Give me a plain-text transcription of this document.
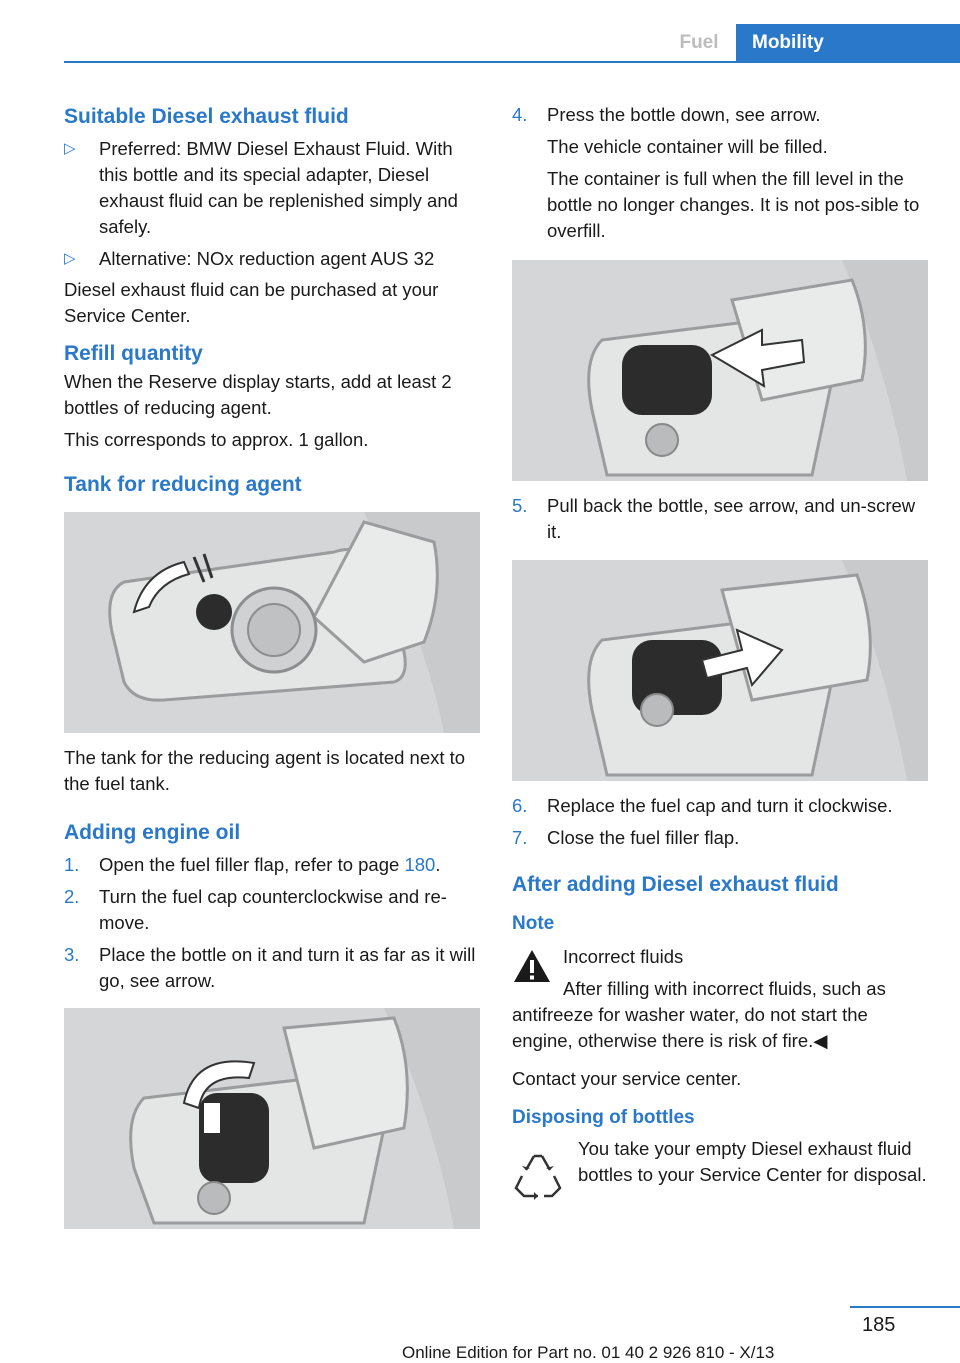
Fuel	Mobility
Suitable Diesel exhaust fluid
▷ Preferred: BMW Diesel Exhaust Fluid. With this bottle and its special adapter, Diesel exhaust fluid can be replenished simply and safely.
▷ Alternative: NOx reduction agent AUS 32

Diesel exhaust fluid can be purchased at your Service Center.

Refill quantity

When the Reserve display starts, add at least 2 bottles of reducing agent.

This corresponds to approx. 1 gallon.

Tank for reducing agent

The tank for the reducing agent is located next to the fuel tank.

Adding engine oil
1. Open the fuel filler flap, refer to page 180.
2. Turn the fuel cap counterclockwise and re‐move.
3. Place the bottle on it and turn it as far as it will go, see arrow.
4. Press the bottle down, see arrow.

The vehicle container will be filled.

The container is full when the fill level in the bottle no longer changes. It is not pos‐sible to overfill.

5. Pull back the bottle, see arrow, and un‐screw it.
6. Replace the fuel cap and turn it clockwise.
7. Close the fuel filler flap.
After adding Diesel exhaust fluid
Note

Incorrect fluids

After filling with incorrect fluids, such as antifreeze for washer water, do not start the engine, otherwise there is risk of fire.◀

Contact your service center.

Disposing of bottles

You take your empty Diesel exhaust fluid bottles to your Service Center for disposal.

185
Online Edition for Part no. 01 40 2 926 810 - X/13
